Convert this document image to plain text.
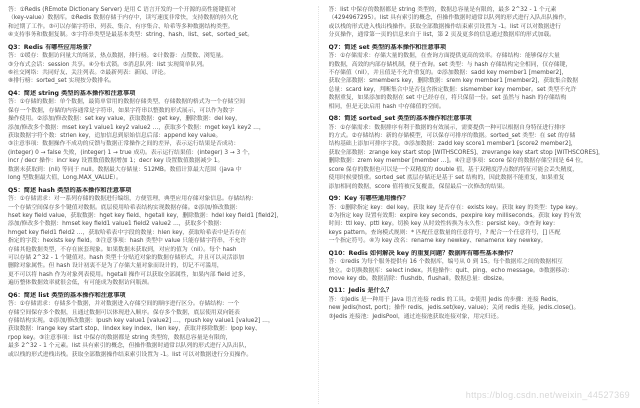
答：①Redis (REmote Dictionary Server) 是用 C 语言开发的一个开源的高性能键值对
（key-value）数据库。②Redis 数据存储于内存中，读写速度非常快，支持数据的持久化
和过期了工作。③可以存储字符串、列表、集合、有序集合、哈希等多种数据结构类型。
④支持事务和数据复制。⑤字符串类型是最基本类型：string、hash、list、set、sorted_set。

Q3：Redis 有哪些应用场景？

答：①缓存：数据访问量大的场景，热点数据，排行榜。②计数器：点赞数、浏览量。
③分布式会话：session 共享。④分布式锁。⑤消息队列：list 实现简单队列。
⑥社交网络：共同好友、关注列表。⑦最新列表：新闻、评论。
⑧排行榜：sorted_set 实现按分数排名。

Q4：简述 string 类型的基本操作和注意事项

答：①存储的数据：单个数据，最简单常用的数据存储类型，存储数据的格式为一个存储空间
保存一个数据，存储的内容通常是字符串，如果字符串以整数的形式展示，可以作为数字
操作使用。②添加/修改数据：set key value，获取数据：get key，删除数据：del key，
添加/修改多个数据：mset key1 value1 key2 value2 …，获取多个数据：mget key1 key2 …，
获取数据字符个数：strlen key，追加信息到原始信息后部：append key value。
③注意事项：数据操作不成功的反馈与数据正常操作之间的差异，表示运行结果是否成功：
(integer) 0 → false 失败，(integer) 1 → true 成功。表示运行结果值：(integer) 3 → 3 个，
incr / decr 操作：incr key 设置数值数据增加 1；decr key 设置数值数据减少 1。
数据未获取到：(nil) 等同于 null。数据最大存储量：512MB。数值计算最大范围（java 中
long 型数据最大值，Long.MAX_VALUE）。

Q5：简述 hash 类型的基本操作和注意事项

答：①存储需求：对一系列存储的数据进行编组，方便管理，典型应用存储对象信息。存储结构：
一个存储空间保存多个键值对数据。底层使用哈希表结构实现数据存储。②添加/修改数据：
hset key field value，获取数据：hget key field、hgetall key，删除数据：hdel key field1 [field2]，
添加/修改多个数据：hmset key field1 value1 field2 value2 …，获取多个数据：
hmget key field1 field2 …，获取哈希表中字段的数量：hlen key，获取哈希表中是否存在
指定的字段：hexists key field。③注意事项：hash 类型中 value 只能存储字符串，不允许
存储其他数据类型，不存在嵌套现象。如果数据未获取到，对应的值为（nil）。每个 hash
可以存储 2^32 - 1 个键值对。hash 类型十分贴近对象的数据存储形式，并且可以灵活添加
删除对象属性。但 hash 设计初衷不是为了存储大量对象而设计的，切记不可滥用，
更不可以将 hash 作为对象列表使用。hgetall 操作可以获取全部属性，如果内部 field 过多，
遍历整体数据效率就很会低，有可能成为数据访问瓶颈。

Q6：简述 list 类型的基本操作和注意事项

答：①存储需求：存储多个数据，并对数据进入存储空间的顺序进行区分。存储结构：一个
存储空间保存多个数据，且通过数据可以体现进入顺序。保存多个数据，底层使用双向链表
存储结构实现。②添加/修改数据：lpush key value1 [value2] …，rpush key value1 [value2] …，
获取数据：lrange key start stop、lindex key index、llen key，获取并移除数据：lpop key、
rpop key。③注意事项：list 中保存的数据都是 string 类型的，数据总容量是有限的，
最多 2^32 - 1 个元素。list 具有索引的概念，但操作数据时通常以队列的形式进行入队出队，
或以栈的形式进栈出栈。获取全部数据操作结束索引设置为 -1。list 可以对数据进行分页操作。

答：list 中保存的数据都是 string 类型的，数据总容量是有限的，最多 2^32 - 1 个元素
（4294967295）。list 具有索引的概念，但操作数据时通常以队列的形式进行入队出队操作，
或以栈的形式进入栈出栈操作。获取全部数据操作结束索引设置为 -1。list 可以对数据进行
分页操作，通常第一页的信息来自于 list，第 2 页及更多的信息通过数据库的形式加载。

Q7：简述 set 类型的基本操作和注意事项

答：①存储需求：存储大量的数据，在查询方面提供更高的效率。存储结构：能够保存大量
的数据，高效的内部存储机制，便于查询。set 类型：与 hash 存储结构完全相同，仅存储键，
不存储值（nil），并且值是不允许重复的。②添加数据：sadd key member1 [member2]，
获取全部数据：smembers key，删除数据：srem key member1 [member2]，获取集合数据
总量：scard key，判断集合中是否包含指定数据：sismember key member。set 类型不允许
数据重复，如果添加的数据在 set 中已经存在，将只保留一份。set 虽然与 hash 的存储结构
相同，但是无法启用 hash 中存储值的空间。

Q8：简述 sorted_set 类型的基本操作和注意事项

答：①存储需求：数据排序有利于数据的有效展示，需要提供一种可以根据自身特征进行排序
的方式。②存储结构：新的存储模型，可以保存可排序的数据。sorted_set 类型：在 set 的存储
结构基础上添加可排序字段。③添加数据：zadd key score1 member1 [score2 member2]，
获取全部数据：zrange key start stop [WITHSCORES]、zrevrange key start stop [WITHSCORES]，
删除数据：zrem key member [member …]。④注意事项：score 保存的数据存储空间是 64 位，
score 保存的数据也可以是一个双精度的 double 值，基于双精度浮点数的特征可能会丢失精度，
使用时候要慎重。sorted_set 底层存储还是基于 set 结构的，因此数据不能重复，如果重复
添加相同的数据，score 值将被反复覆盖，保留最后一次修改的结果。

Q9：Key 有哪些通用操作？

答：①删除指定 key：del key。获取 key 是否存在：exists key。获取 key 的类型：type key。
②为指定 key 设置有效期：expire key seconds、pexpire key milliseconds。获取 key 的有效
时间：ttl key、pttl key。切换 key 从时效性转换为永久性：persist key。③查询 key：
keys pattern。查询模式规则：* 匹配任意数量的任意符号，? 配合一个任意符号，[] 匹配
一个指定符号。④为 key 改名：rename key newkey、renamenx key newkey。

Q10：Redis 如何解决 key 的重复问题？数据库有哪些基本操作？

答：①redis 为每个服务提供有 16 个数据库，编号从 0 到 15。每个数据库之间的数据相互
独立。②切换数据库：select index。其他操作：quit、ping、echo message。③数据移动：
move key db。数据清除：flushdb、flushall。数据总量：dbsize。

Q11：Jedis 是什么？

答：①Jedis 是一种用于 Java 语言连接 redis 的工具。②使用 Jedis 的步骤：连接 Redis，
new Jedis(host, port)；操作 redis，jedis.set(key, value)；关闭 redis 连接，jedis.close()。
③Jedis 连接池：JedisPool，通过连接池获取连接对象，用完归还。

https://blog.csdn.net/weixin_44527369
